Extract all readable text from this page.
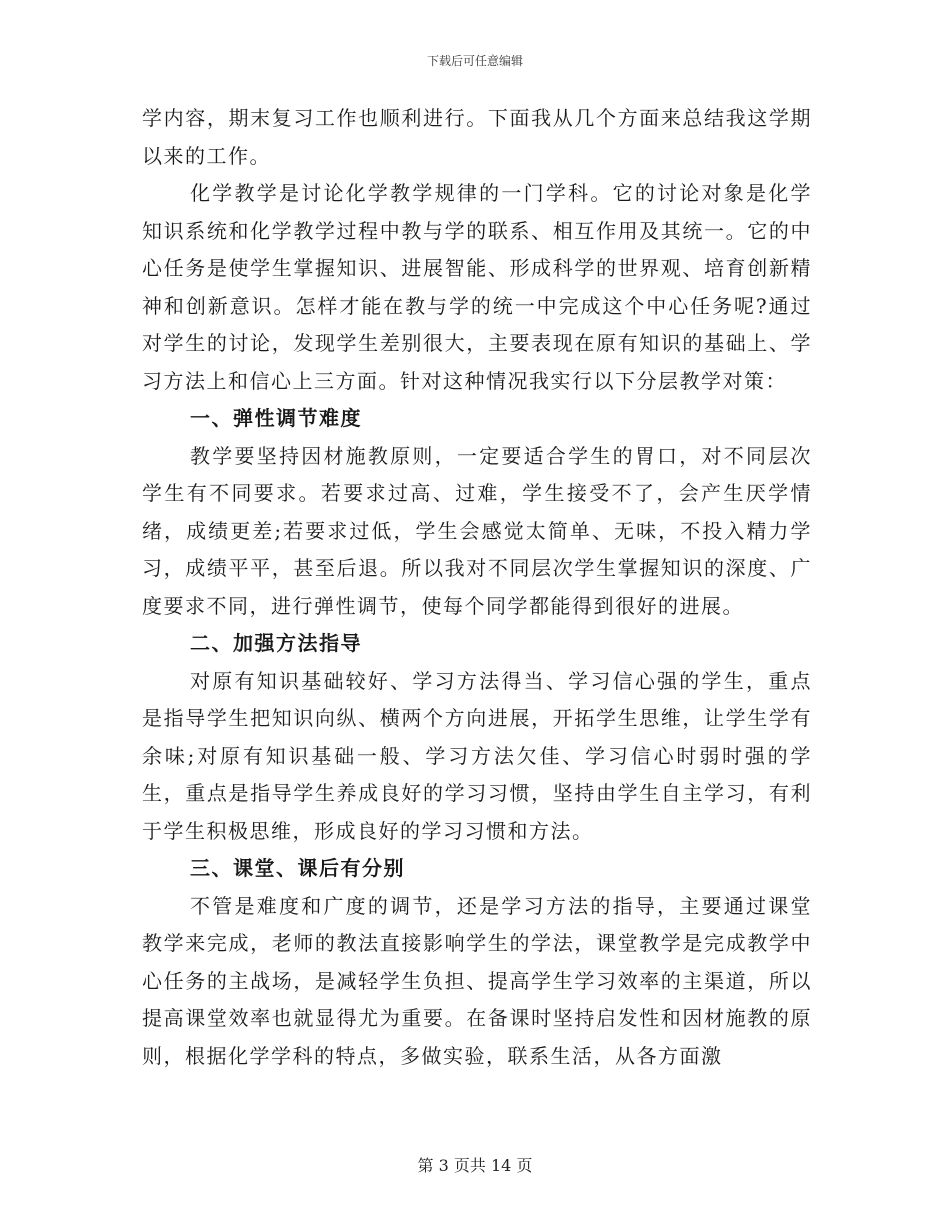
下载后可任意编辑

学内容，期末复习工作也顺利进行。下面我从几个方面来总结我这学期以来的工作。

化学教学是讨论化学教学规律的一门学科。它的讨论对象是化学知识系统和化学教学过程中教与学的联系、相互作用及其统一。它的中心任务是使学生掌握知识、进展智能、形成科学的世界观、培育创新精神和创新意识。怎样才能在教与学的统一中完成这个中心任务呢?通过对学生的讨论，发现学生差别很大，主要表现在原有知识的基础上、学习方法上和信心上三方面。针对这种情况我实行以下分层教学对策：

一、弹性调节难度

教学要坚持因材施教原则，一定要适合学生的胃口，对不同层次学生有不同要求。若要求过高、过难，学生接受不了，会产生厌学情绪，成绩更差;若要求过低，学生会感觉太简单、无味，不投入精力学习，成绩平平，甚至后退。所以我对不同层次学生掌握知识的深度、广度要求不同，进行弹性调节，使每个同学都能得到很好的进展。

二、加强方法指导

对原有知识基础较好、学习方法得当、学习信心强的学生，重点是指导学生把知识向纵、横两个方向进展，开拓学生思维，让学生学有余味;对原有知识基础一般、学习方法欠佳、学习信心时弱时强的学生，重点是指导学生养成良好的学习习惯，坚持由学生自主学习，有利于学生积极思维，形成良好的学习习惯和方法。

三、课堂、课后有分别

不管是难度和广度的调节，还是学习方法的指导，主要通过课堂教学来完成，老师的教法直接影响学生的学法，课堂教学是完成教学中心任务的主战场，是减轻学生负担、提高学生学习效率的主渠道，所以提高课堂效率也就显得尤为重要。在备课时坚持启发性和因材施教的原则，根据化学学科的特点，多做实验，联系生活，从各方面激

第 3 页共 14 页
